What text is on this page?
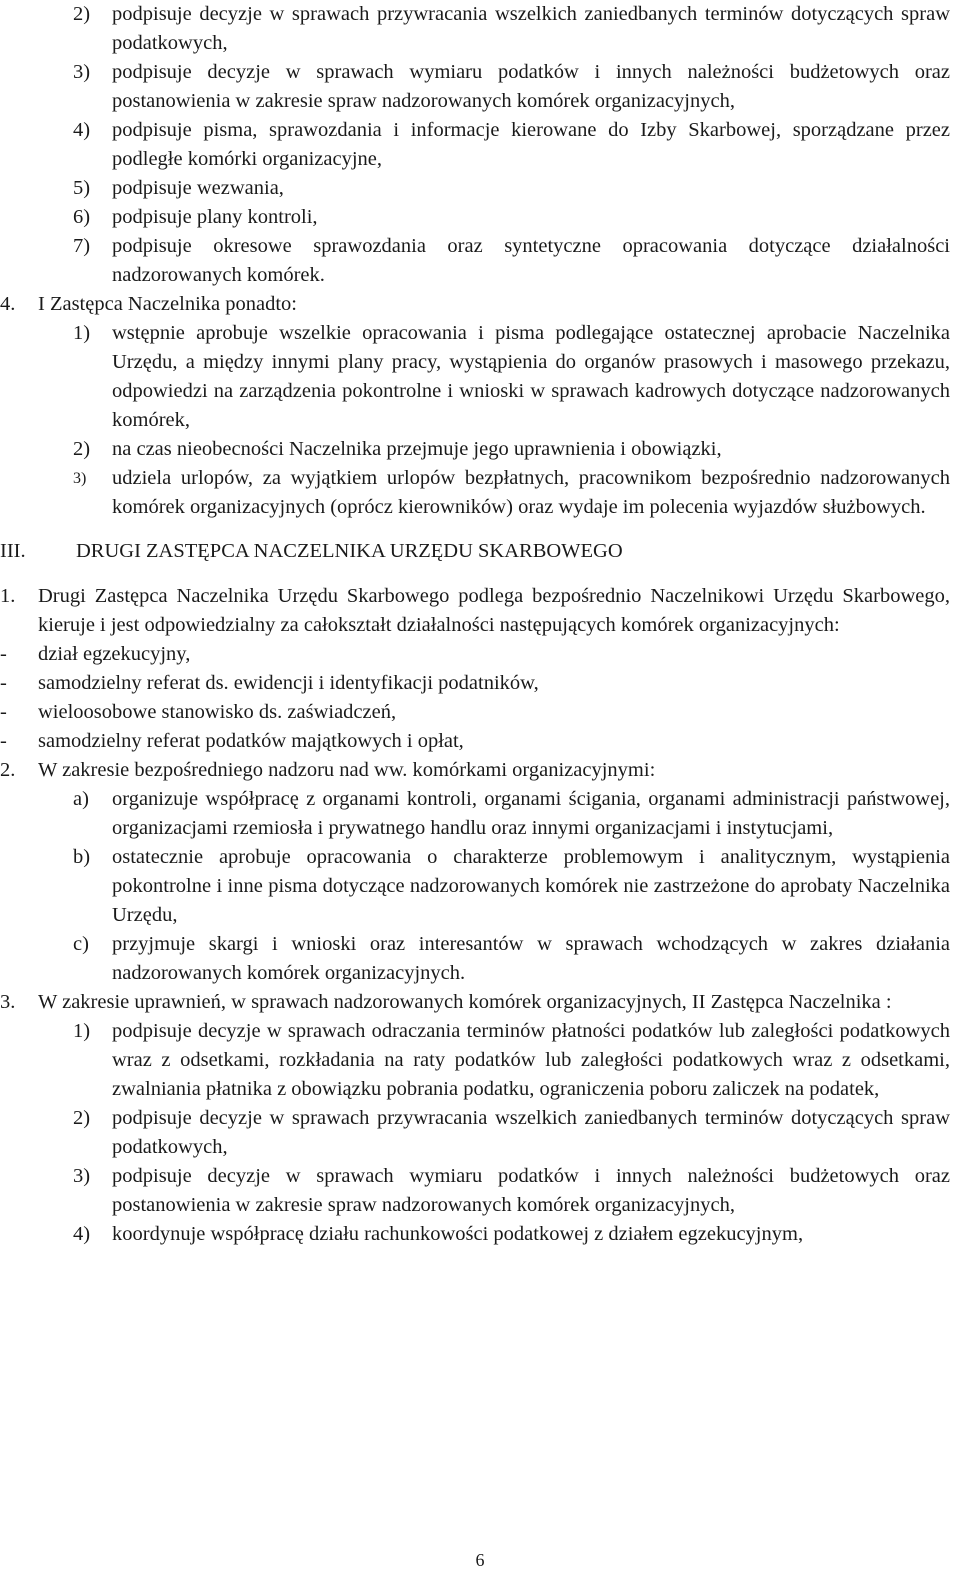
2) podpisuje decyzje w sprawach przywracania wszelkich zaniedbanych terminów dotyczących spraw podatkowych,
3) podpisuje decyzje w sprawach wymiaru podatków i innych należności budżetowych oraz postanowienia w zakresie spraw nadzorowanych komórek organizacyjnych,
4) podpisuje pisma, sprawozdania i informacje kierowane do Izby Skarbowej, sporządzane przez podległe komórki organizacyjne,
5) podpisuje wezwania,
6) podpisuje plany kontroli,
7) podpisuje okresowe sprawozdania oraz syntetyczne opracowania dotyczące działalności nadzorowanych komórek.
4. I Zastępca Naczelnika ponadto:
1) wstępnie aprobuje wszelkie opracowania i pisma podlegające ostatecznej aprobacie Naczelnika Urzędu, a między innymi plany pracy, wystąpienia do organów prasowych i masowego przekazu, odpowiedzi na zarządzenia pokontrolne i wnioski w sprawach kadrowych dotyczące nadzorowanych komórek,
2) na czas nieobecności Naczelnika przejmuje jego uprawnienia i obowiązki,
3) udziela urlopów, za wyjątkiem urlopów bezpłatnych, pracownikom bezpośrednio nadzorowanych komórek organizacyjnych (oprócz kierowników) oraz wydaje im polecenia wyjazdów służbowych.
III. DRUGI ZASTĘPCA NACZELNIKA URZĘDU SKARBOWEGO
1. Drugi Zastępca Naczelnika Urzędu Skarbowego podlega bezpośrednio Naczelnikowi Urzędu Skarbowego, kieruje i jest odpowiedzialny za całokształt działalności następujących komórek organizacyjnych:
- dział egzekucyjny,
- samodzielny referat ds. ewidencji i identyfikacji podatników,
- wieloosobowe stanowisko ds. zaświadczeń,
- samodzielny referat podatków majątkowych i opłat,
2. W zakresie bezpośredniego nadzoru nad ww. komórkami organizacyjnymi:
a) organizuje współpracę z organami kontroli, organami ścigania, organami administracji państwowej, organizacjami rzemiosła i prywatnego handlu oraz innymi organizacjami i instytucjami,
b) ostatecznie aprobuje opracowania o charakterze problemowym i analitycznym, wystąpienia pokontrolne i inne pisma dotyczące nadzorowanych komórek nie zastrzeżone do aprobaty Naczelnika Urzędu,
c) przyjmuje skargi i wnioski oraz interesantów w sprawach wchodzących w zakres działania nadzorowanych komórek organizacyjnych.
3. W zakresie uprawnień, w sprawach nadzorowanych komórek organizacyjnych, II Zastępca Naczelnika :
1) podpisuje decyzje w sprawach odraczania terminów płatności podatków lub zaległości podatkowych wraz z odsetkami, rozkładania na raty podatków lub zaległości podatkowych wraz z odsetkami, zwalniania płatnika z obowiązku pobrania podatku, ograniczenia poboru zaliczek na podatek,
2) podpisuje decyzje w sprawach przywracania wszelkich zaniedbanych terminów dotyczących spraw podatkowych,
3) podpisuje decyzje w sprawach wymiaru podatków i innych należności budżetowych oraz postanowienia w zakresie spraw nadzorowanych komórek organizacyjnych,
4) koordynuje współpracę działu rachunkowości podatkowej z działem egzekucyjnym,
6
